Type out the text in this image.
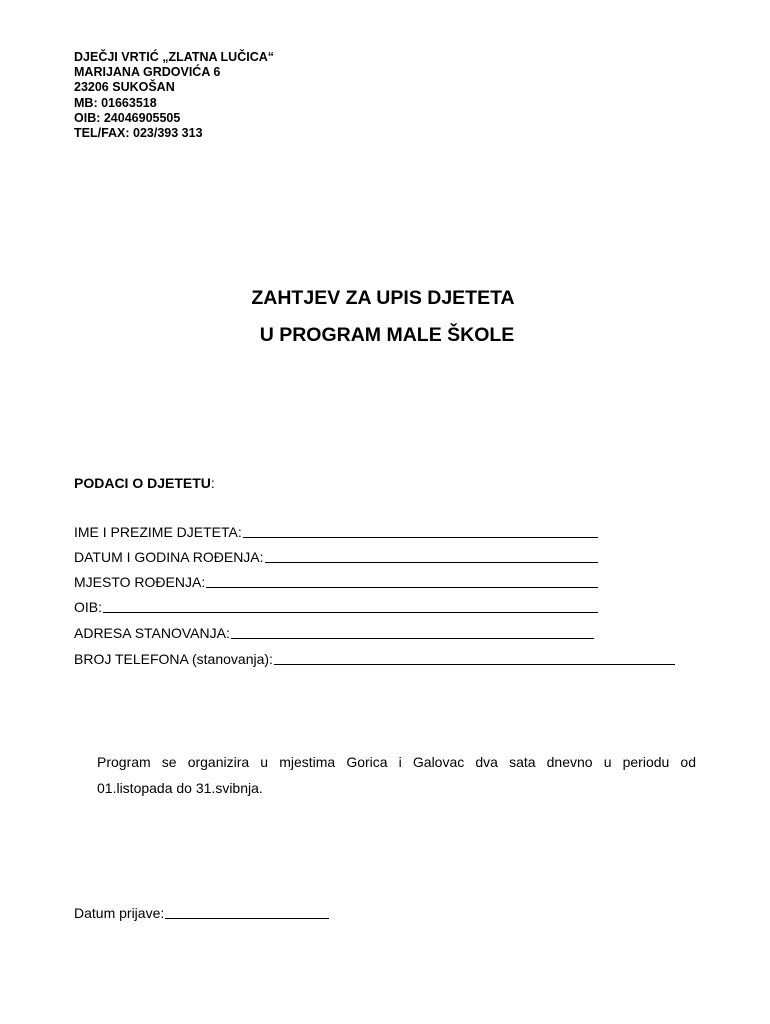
DJEČJI VRTIĆ „ZLATNA LUČICA“
MARIJANA GRDOVIĆA 6
23206 SUKOŠAN
MB: 01663518
OIB: 24046905505
TEL/FAX: 023/393 313
ZAHTJEV ZA UPIS DJETETA
U PROGRAM MALE ŠKOLE
PODACI O DJETETU:
IME I PREZIME DJETETA:
DATUM I GODINA ROĐENJA:
MJESTO ROĐENJA:
OIB:
ADRESA STANOVANJA:
BROJ TELEFONA (stanovanja):
Program se organizira u mjestima Gorica i Galovac dva sata dnevno u periodu od
01.listopada do 31.svibnja.
Datum prijave:
